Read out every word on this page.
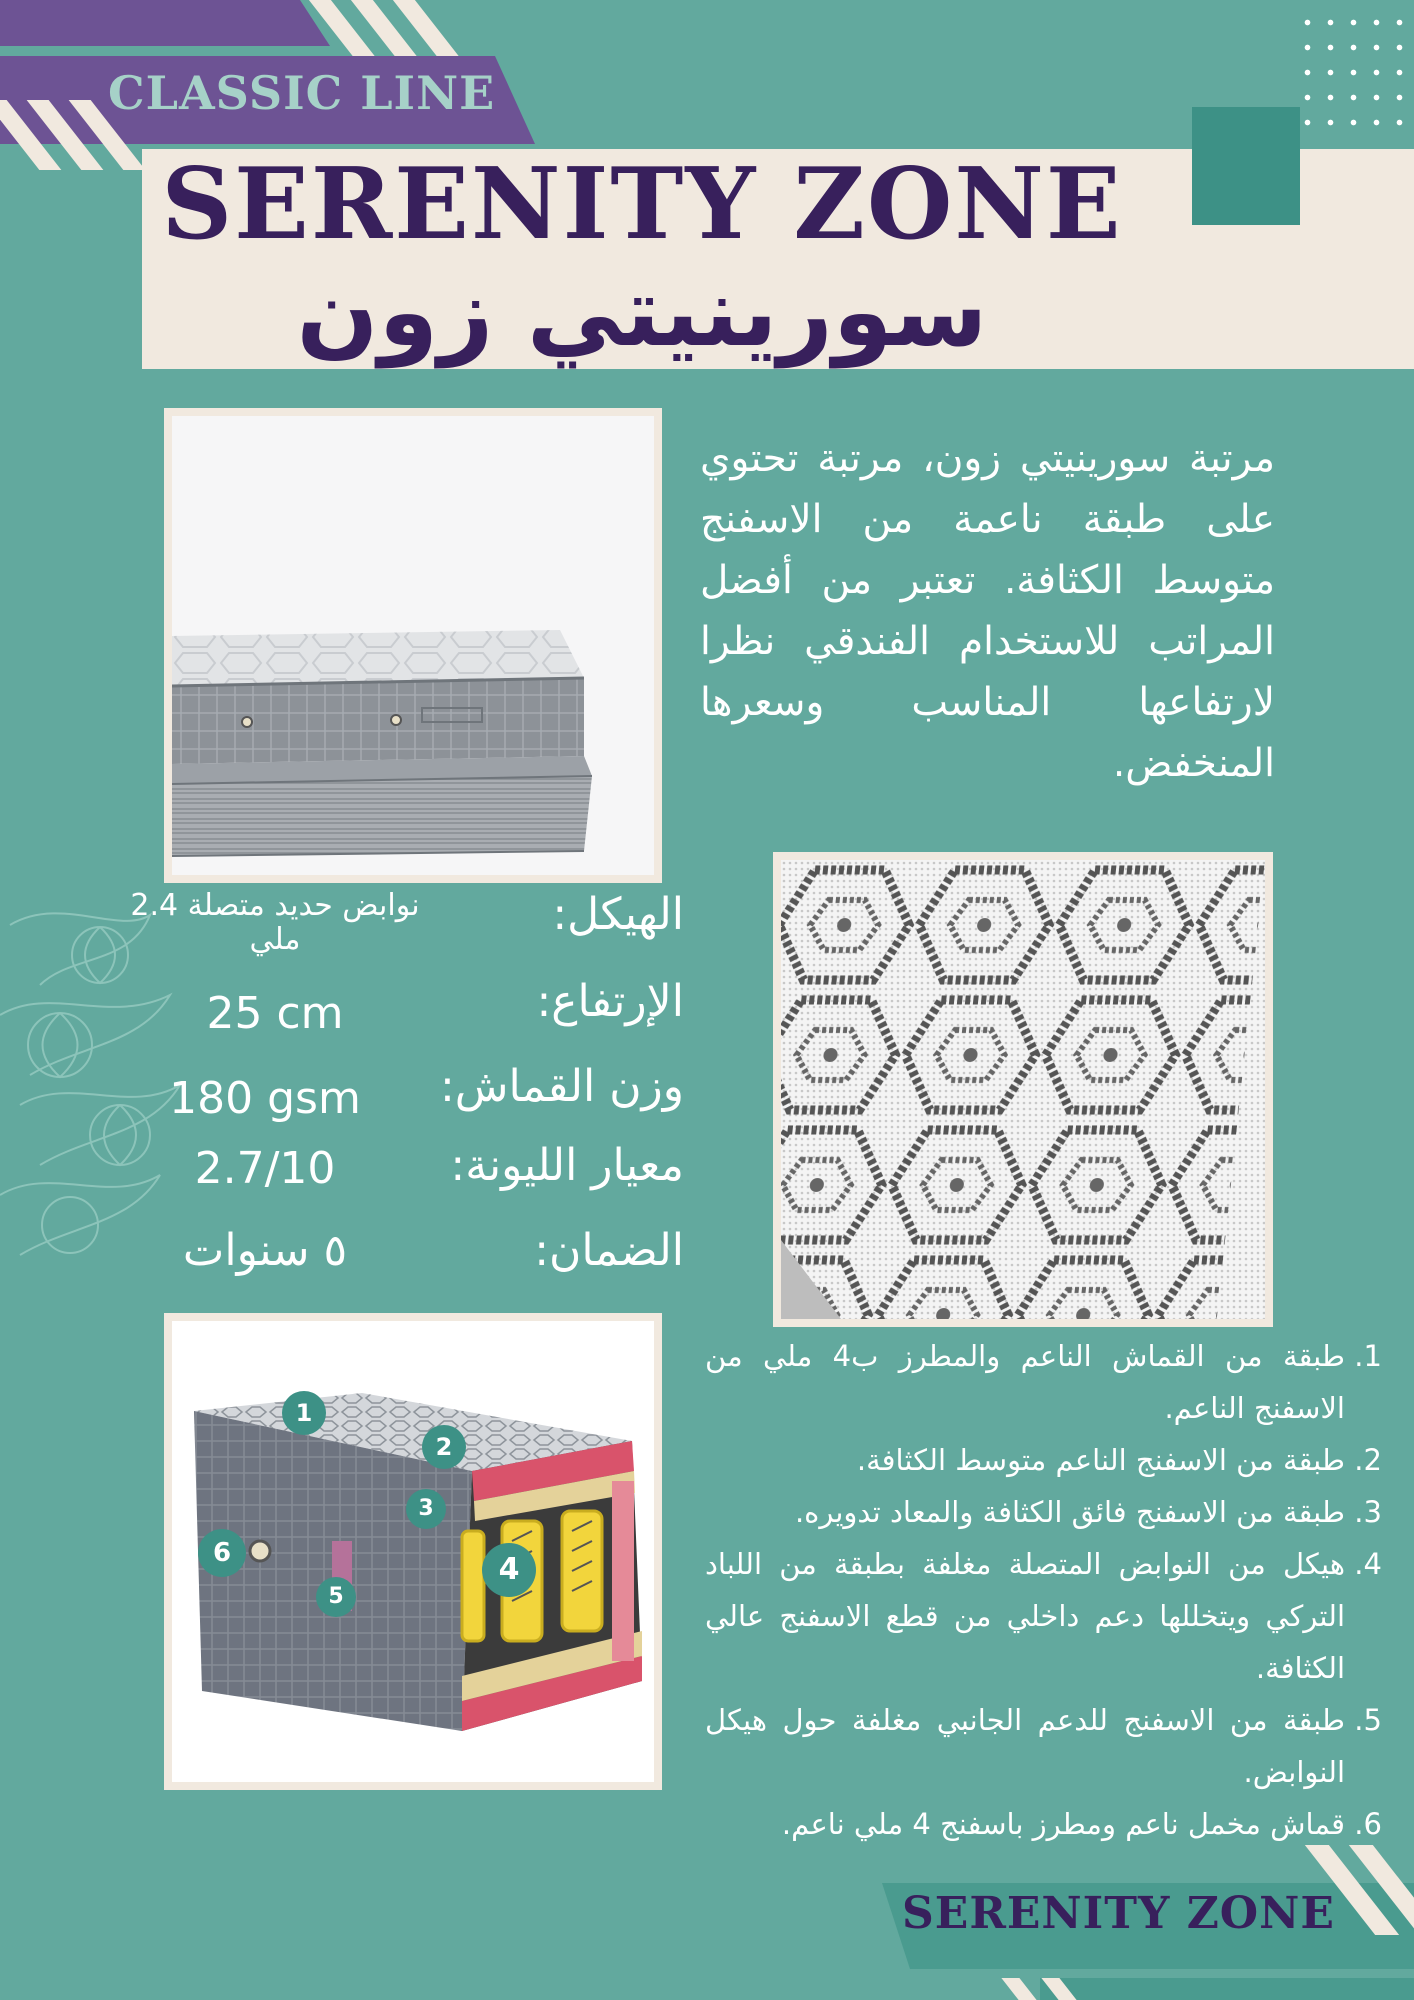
CLASSIC LINE
SERENITY ZONE
سورينيتي زون
مرتبة سورينيتي زون، مرتبة تحتوي على طبقة ناعمة من الاسفنج متوسط الكثافة. تعتبر من أفضل المراتب للاستخدام الفندقي نظرا لارتفاعها المناسب وسعرها المنخفض.
الهيكل:
نوابض حديد متصلة 2.4 ملي
الإرتفاع:
25 cm
وزن القماش:
180 gsm
معيار الليونة:
2.7/10
الضمان:
٥ سنوات
1
2
3
4
5
6
1. طبقة من القماش الناعم والمطرز ب4 ملي من الاسفنج الناعم.
2. طبقة من الاسفنج الناعم متوسط الكثافة.
3. طبقة من الاسفنج فائق الكثافة والمعاد تدويره.
4. هيكل من النوابض المتصلة مغلفة بطبقة من اللباد التركي ويتخللها دعم داخلي من قطع الاسفنج عالي الكثافة.
5. طبقة من الاسفنج للدعم الجانبي مغلفة حول هيكل النوابض.
6. قماش مخمل ناعم ومطرز باسفنج 4 ملي ناعم.
SERENITY ZONE
